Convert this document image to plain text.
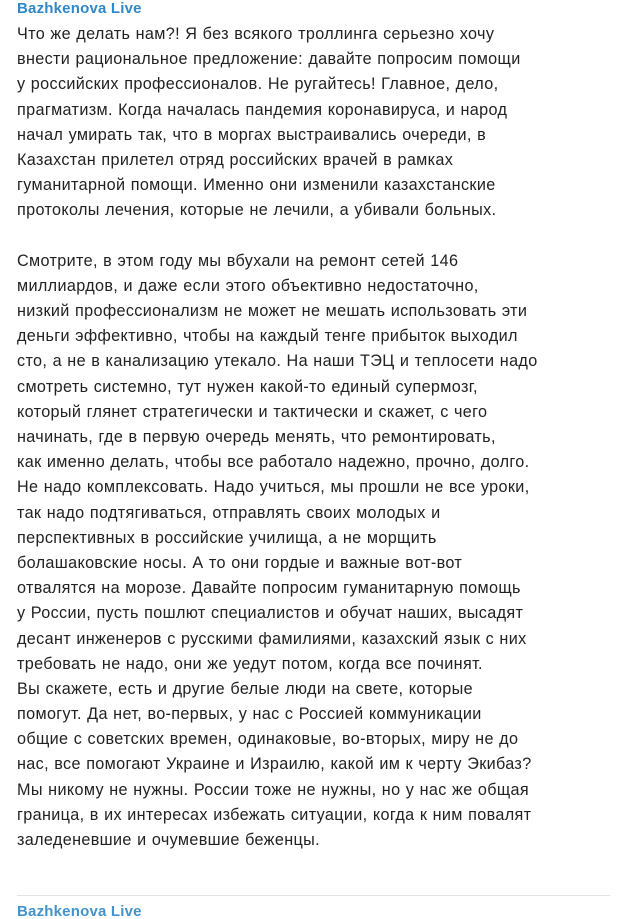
Bazhkenova Live
Что же делать нам?! Я без всякого троллинга серьезно хочу
внести рациональное предложение: давайте попросим помощи
у российских профессионалов. Не ругайтесь! Главное, дело,
прагматизм. Когда началась пандемия коронавируса, и народ
начал умирать так, что в моргах выстраивались очереди, в
Казахстан прилетел отряд российских врачей в рамках
гуманитарной помощи. Именно они изменили казахстанские
протоколы лечения, которые не лечили, а убивали больных.
Смотрите, в этом году мы вбухали на ремонт сетей 146
миллиардов, и даже если этого объективно недостаточно,
низкий профессионализм не может не мешать использовать эти
деньги эффективно, чтобы на каждый тенге прибыток выходил
сто, а не в канализацию утекало. На наши ТЭЦ и теплосети надо
смотреть системно, тут нужен какой-то единый супермозг,
который глянет стратегически и тактически и скажет, с чего
начинать, где в первую очередь менять, что ремонтировать,
как именно делать, чтобы все работало надежно, прочно, долго.
Не надо комплексовать. Надо учиться, мы прошли не все уроки,
так надо подтягиваться, отправлять своих молодых и
перспективных в российские училища, а не морщить
болашаковские носы. А то они гордые и важные вот-вот
отвалятся на морозе. Давайте попросим гуманитарную помощь
у России, пусть пошлют специалистов и обучат наших, высадят
десант инженеров с русскими фамилиями, казахский язык с них
требовать не надо, они же уедут потом, когда все починят.
Вы скажете, есть и другие белые люди на свете, которые
помогут. Да нет, во-первых, у нас с Россией коммуникации
общие с советских времен, одинаковые, во-вторых, миру не до
нас, все помогают Украине и Израилю, какой им к черту Экибаз?
Мы никому не нужны. России тоже не нужны, но у нас же общая
граница, в их интересах избежать ситуации, когда к ним повалят
заледеневшие и очумевшие беженцы.
Bazhkenova Live
